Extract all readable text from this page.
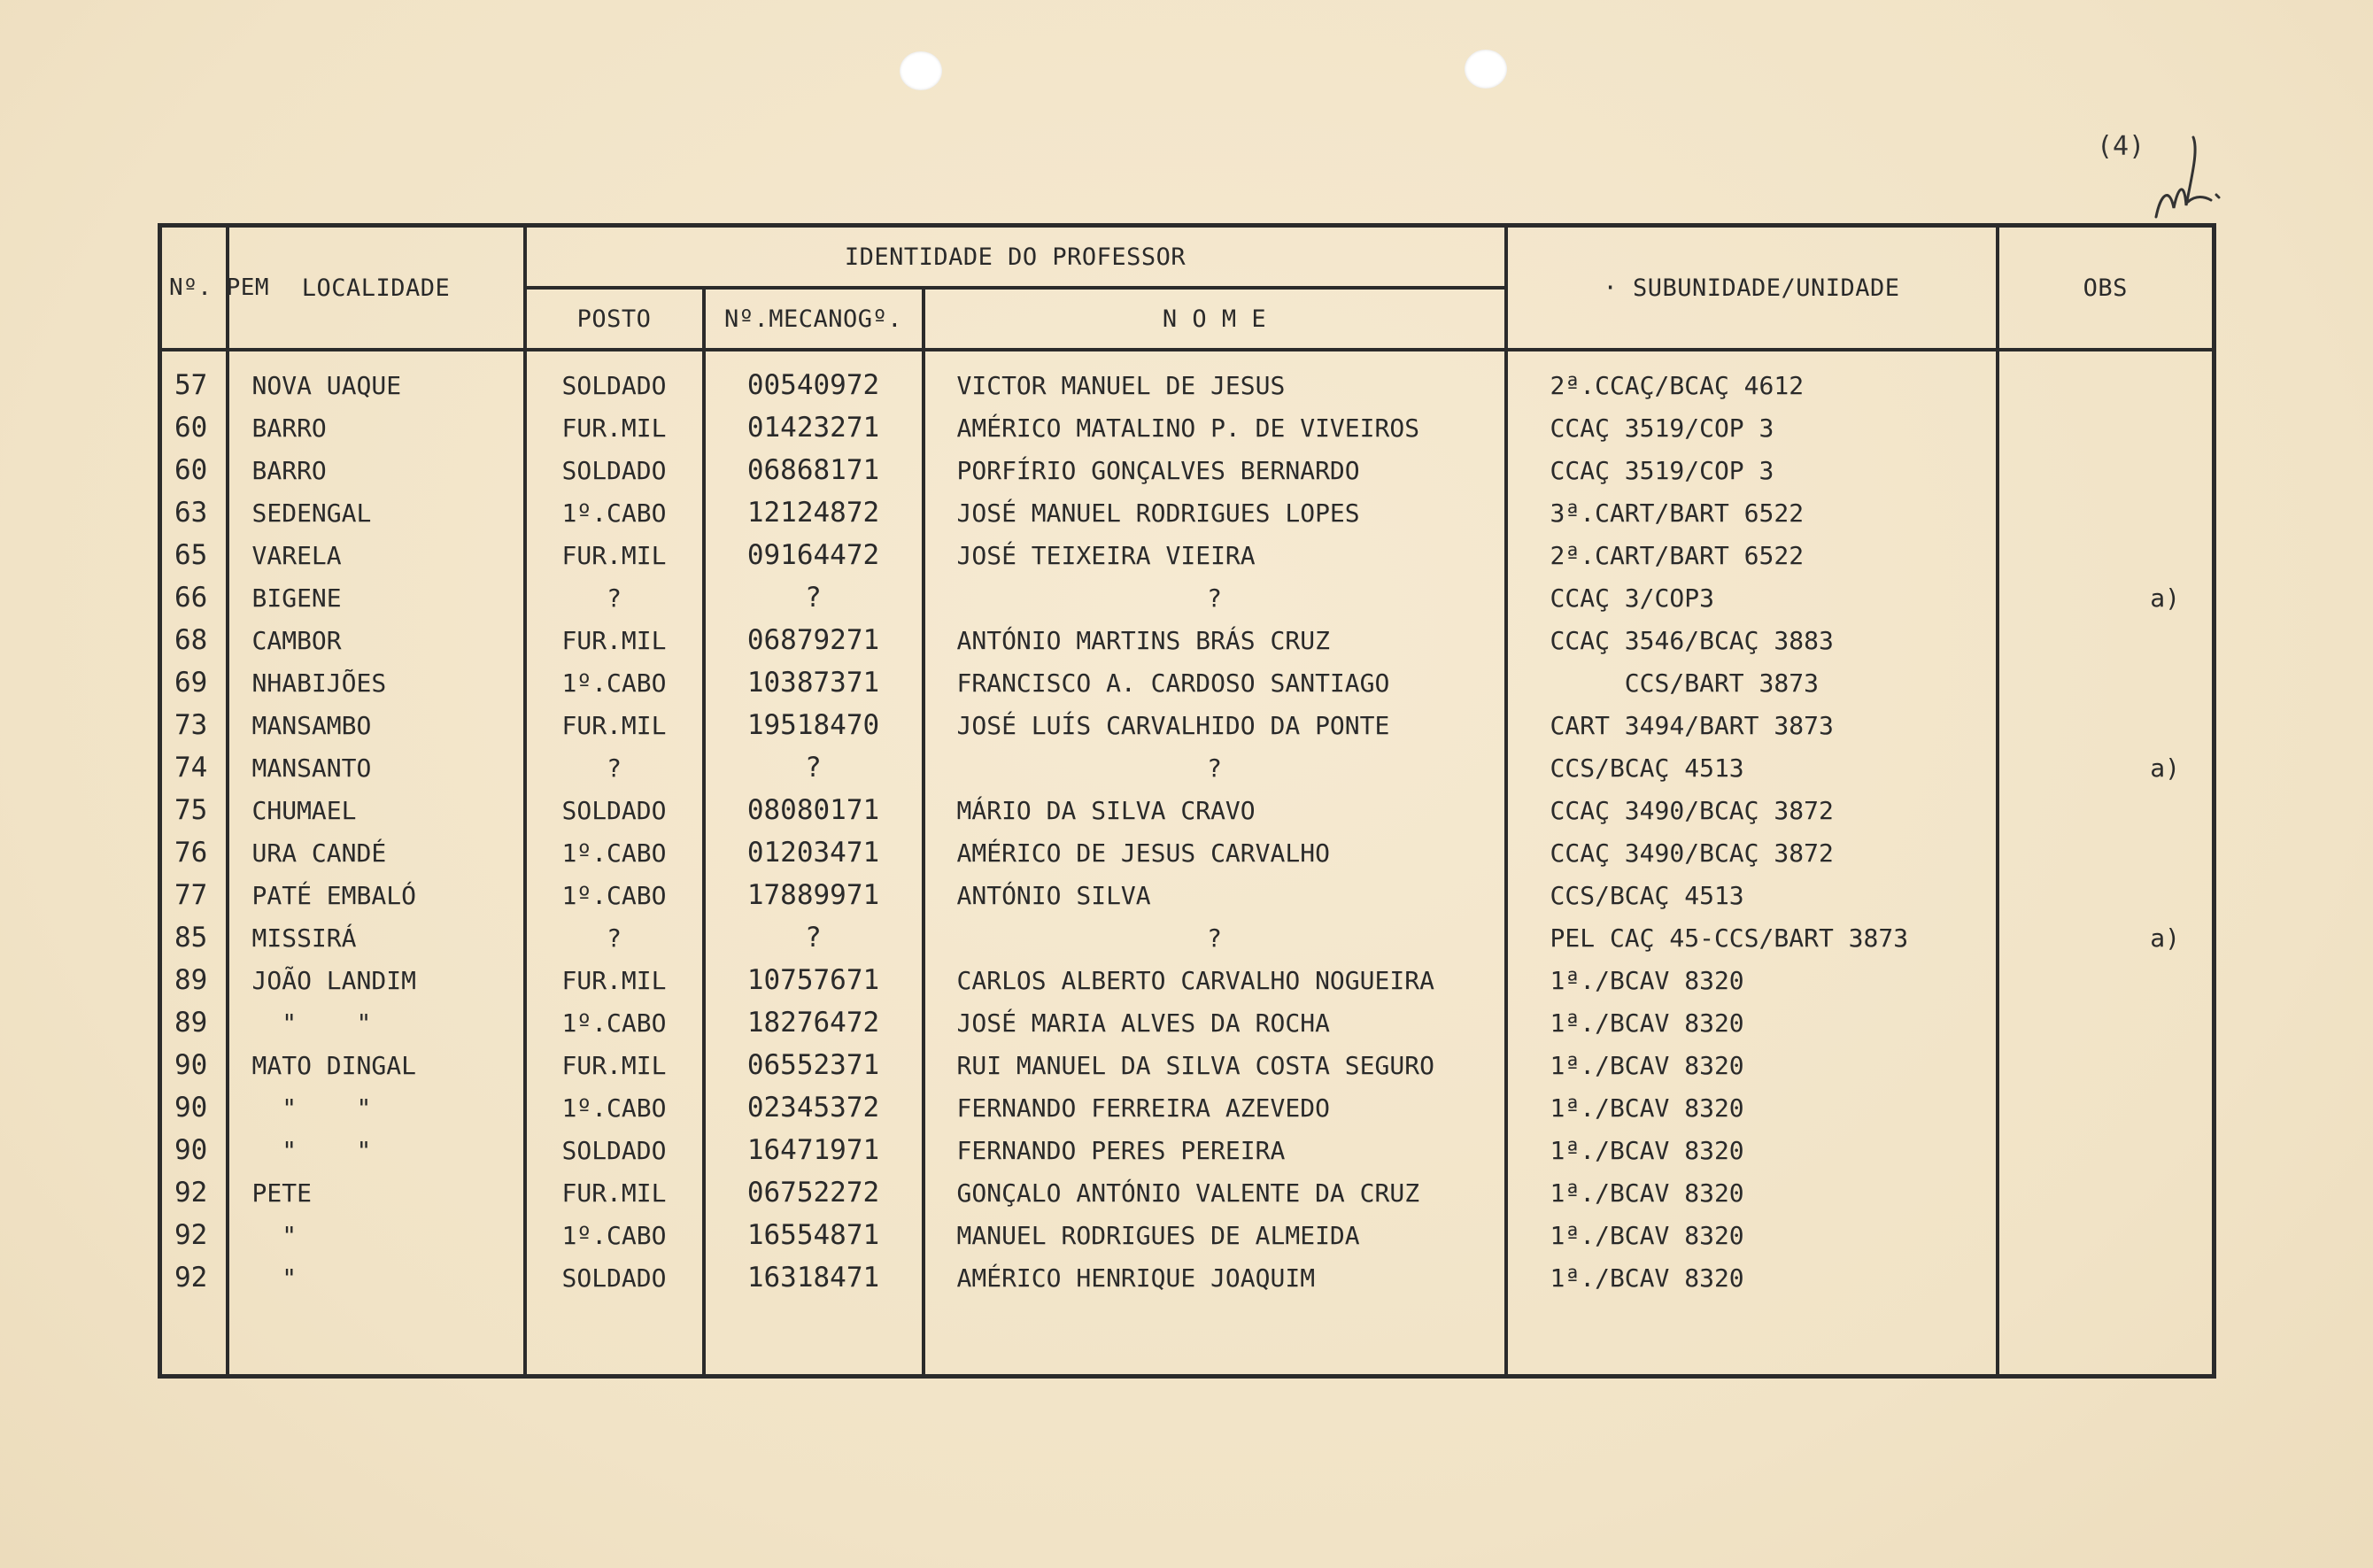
(4)
Nº. PEM	LOCALIDADE	IDENTIDADE DO PROFESSOR			· SUBUNIDADE/UNIDADE	OBS
		POSTO	Nº.MECANOGº.	N O M E		
57	NOVA UAQUE	SOLDADO	00540972	VICTOR MANUEL DE JESUS	2ª.CCAÇ/BCAÇ 4612	
60	BARRO	FUR.MIL	01423271	AMÉRICO MATALINO P. DE VIVEIROS	CCAÇ 3519/COP 3	
60	BARRO	SOLDADO	06868171	PORFÍRIO GONÇALVES BERNARDO	CCAÇ 3519/COP 3	
63	SEDENGAL	1º.CABO	12124872	JOSÉ MANUEL RODRIGUES LOPES	3ª.CART/BART 6522	
65	VARELA	FUR.MIL	09164472	JOSÉ TEIXEIRA VIEIRA	2ª.CART/BART 6522	
66	BIGENE	?	?	?	CCAÇ 3/COP3	a)
68	CAMBOR	FUR.MIL	06879271	ANTÓNIO MARTINS BRÁS CRUZ	CCAÇ 3546/BCAÇ 3883	
69	NHABIJÕES	1º.CABO	10387371	FRANCISCO A. CARDOSO SANTIAGO	CCS/BART 3873	
73	MANSAMBO	FUR.MIL	19518470	JOSÉ LUÍS CARVALHIDO DA PONTE	CART 3494/BART 3873	
74	MANSANTO	?	?	?	CCS/BCAÇ 4513	a)
75	CHUMAEL	SOLDADO	08080171	MÁRIO DA SILVA CRAVO	CCAÇ 3490/BCAÇ 3872	
76	URA CANDÉ	1º.CABO	01203471	AMÉRICO DE JESUS CARVALHO	CCAÇ 3490/BCAÇ 3872	
77	PATÉ EMBALÓ	1º.CABO	17889971	ANTÓNIO SILVA	CCS/BCAÇ 4513	
85	MISSIRÁ	?	?	?	PEL CAÇ 45-CCS/BART 3873	a)
89	JOÃO LANDIM	FUR.MIL	10757671	CARLOS ALBERTO CARVALHO NOGUEIRA	1ª./BCAV 8320	
89	"    "	1º.CABO	18276472	JOSÉ MARIA ALVES DA ROCHA	1ª./BCAV 8320	
90	MATO DINGAL	FUR.MIL	06552371	RUI MANUEL DA SILVA COSTA SEGURO	1ª./BCAV 8320	
90	"    "	1º.CABO	02345372	FERNANDO FERREIRA AZEVEDO	1ª./BCAV 8320	
90	"    "	SOLDADO	16471971	FERNANDO PERES PEREIRA	1ª./BCAV 8320	
92	PETE	FUR.MIL	06752272	GONÇALO ANTÓNIO VALENTE DA CRUZ	1ª./BCAV 8320	
92	"	1º.CABO	16554871	MANUEL RODRIGUES DE ALMEIDA	1ª./BCAV 8320	
92	"	SOLDADO	16318471	AMÉRICO HENRIQUE JOAQUIM	1ª./BCAV 8320	
